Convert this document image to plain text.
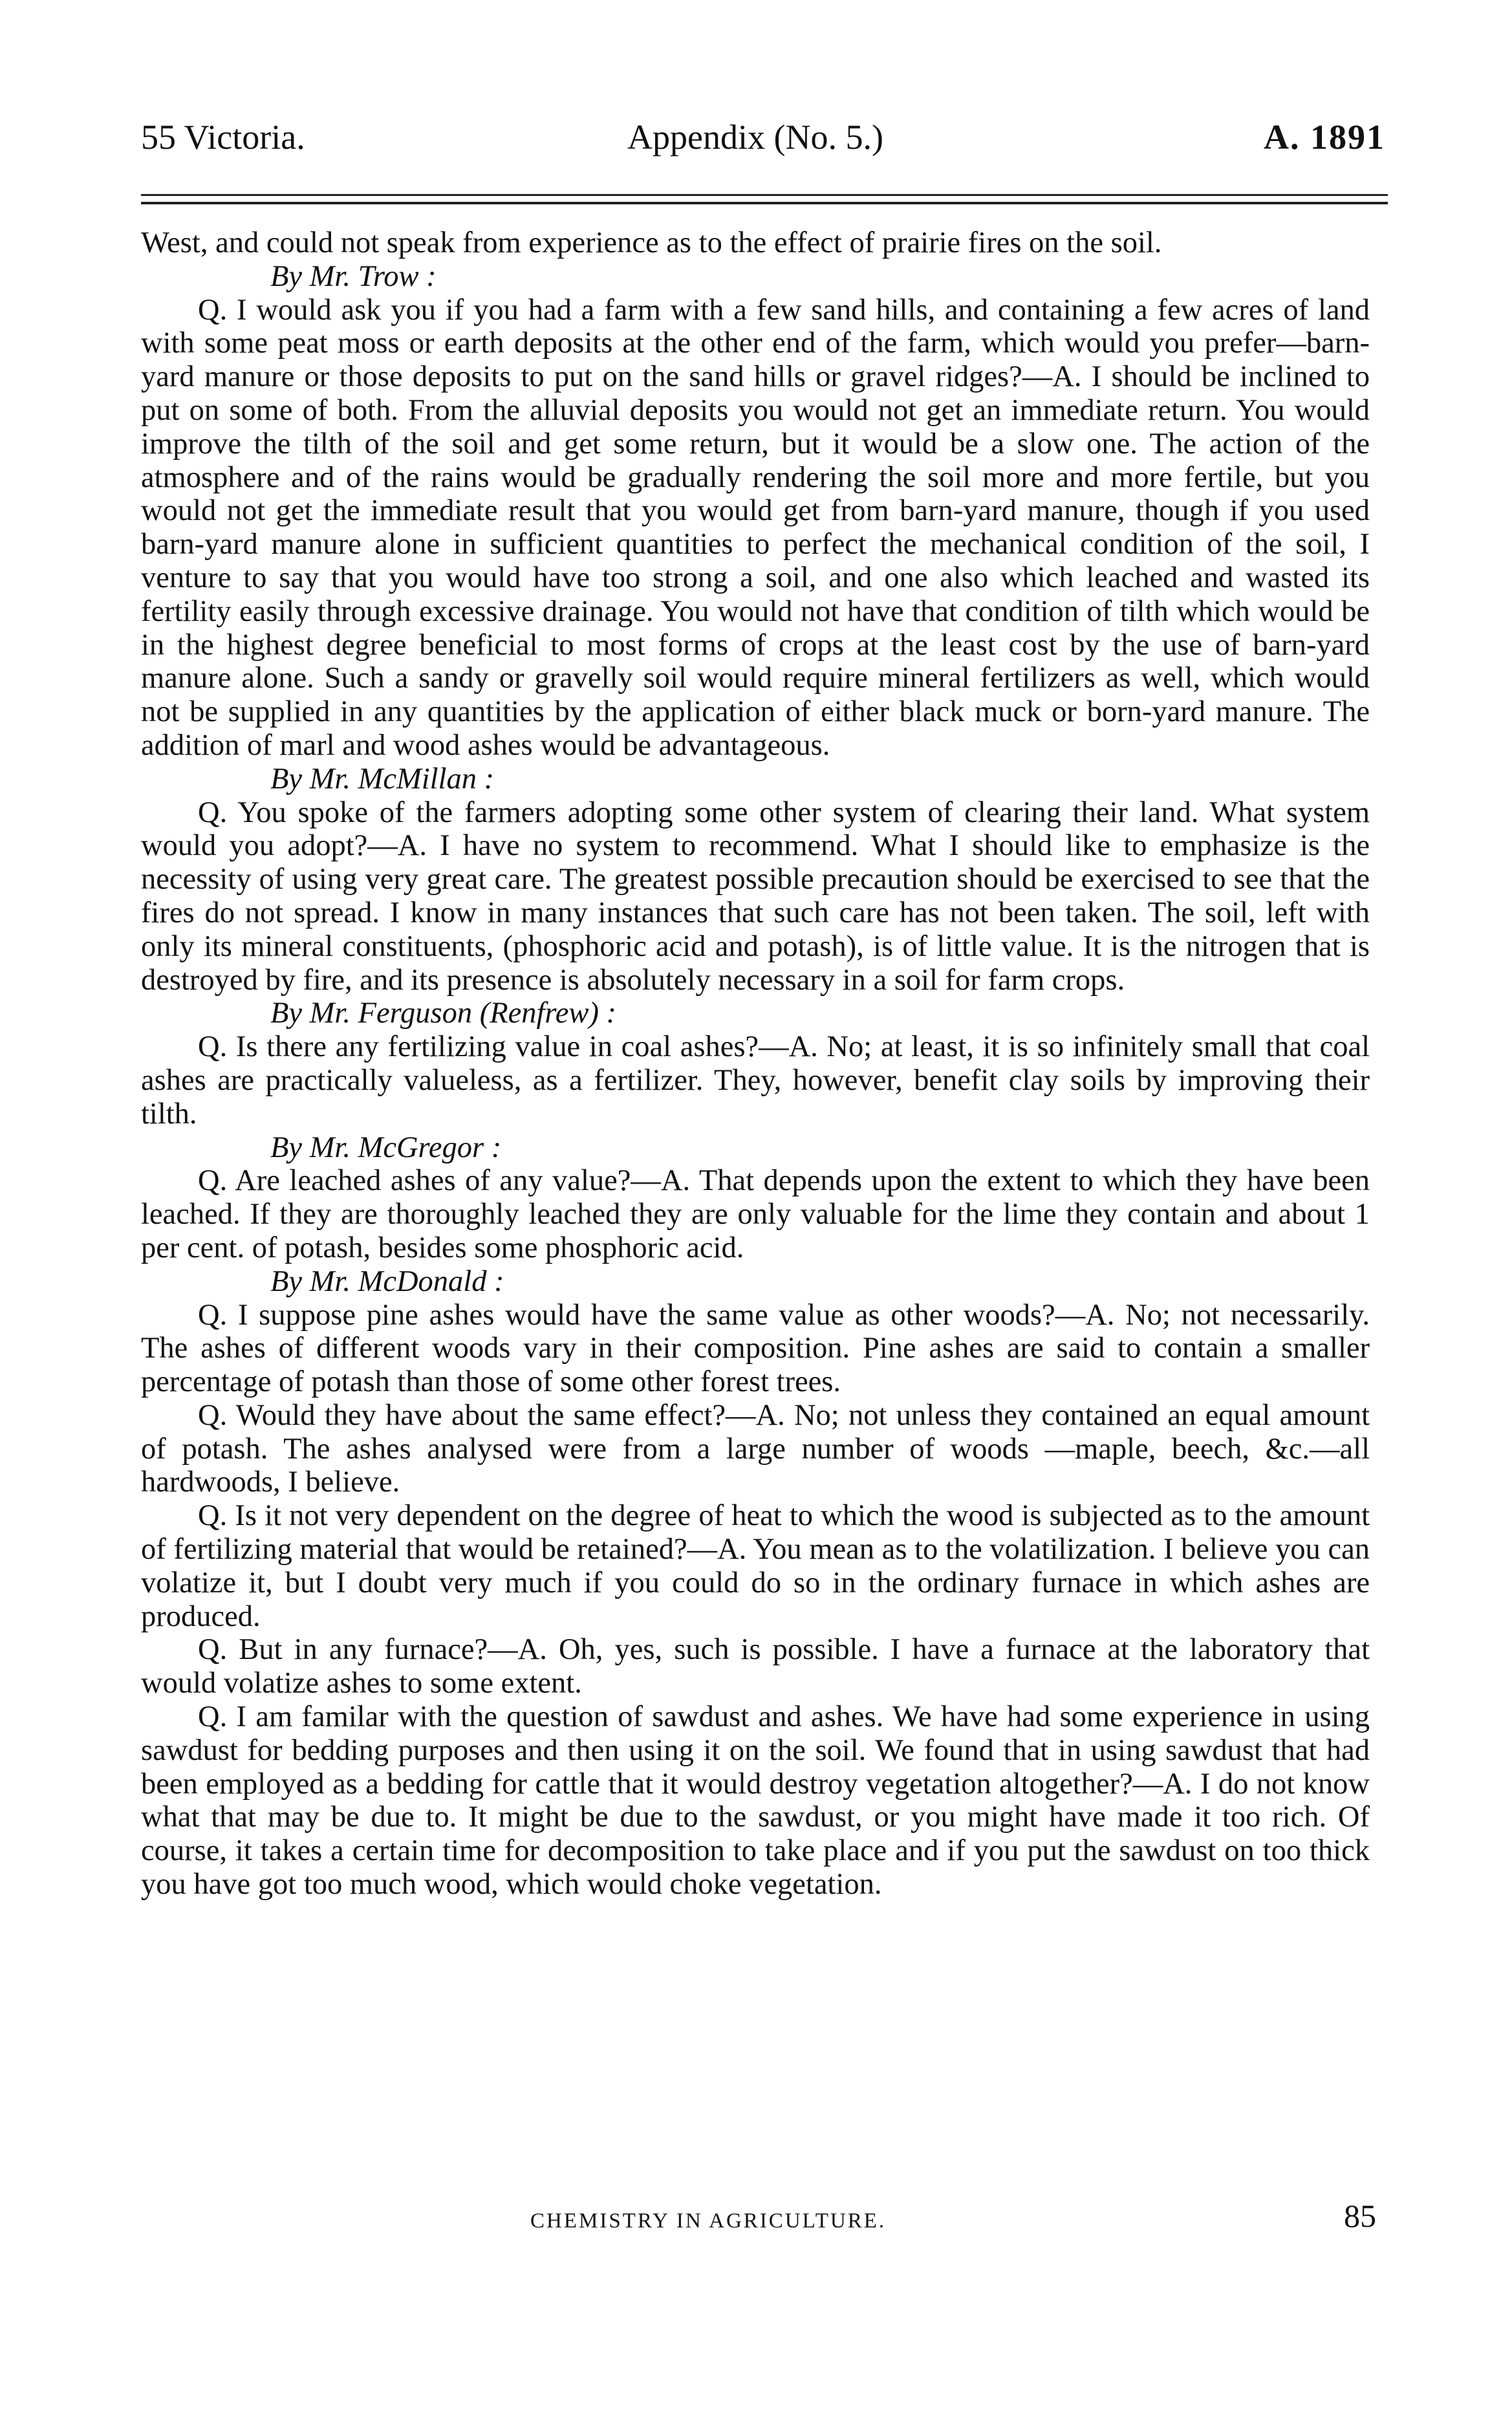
55 Victoria.	Appendix (No. 5.)	A. 1891

West, and could not speak from experience as to the effect of prairie fires on the soil.

By Mr. Trow :

Q. I would ask you if you had a farm with a few sand hills, and containing a few acres of land with some peat moss or earth deposits at the other end of the farm, which would you prefer—barn-yard manure or those deposits to put on the sand hills or gravel ridges?—A. I should be inclined to put on some of both. From the alluvial deposits you would not get an immediate return. You would improve the tilth of the soil and get some return, but it would be a slow one. The action of the atmosphere and of the rains would be gradually rendering the soil more and more fertile, but you would not get the immediate result that you would get from barn-yard manure, though if you used barn-yard manure alone in sufficient quantities to perfect the mechanical condition of the soil, I venture to say that you would have too strong a soil, and one also which leached and wasted its fertility easily through excessive drainage. You would not have that condition of tilth which would be in the highest degree beneficial to most forms of crops at the least cost by the use of barn-yard manure alone. Such a sandy or gravelly soil would require mineral fertilizers as well, which would not be supplied in any quantities by the application of either black muck or born-yard manure. The addition of marl and wood ashes would be advantageous.

By Mr. McMillan :

Q. You spoke of the farmers adopting some other system of clearing their land. What system would you adopt?—A. I have no system to recommend. What I should like to emphasize is the necessity of using very great care. The greatest possible precaution should be exercised to see that the fires do not spread. I know in many instances that such care has not been taken. The soil, left with only its mineral constituents, (phosphoric acid and potash), is of little value. It is the nitrogen that is destroyed by fire, and its presence is absolutely necessary in a soil for farm crops.

By Mr. Ferguson (Renfrew) :

Q. Is there any fertilizing value in coal ashes?—A. No; at least, it is so infinitely small that coal ashes are practically valueless, as a fertilizer. They, however, benefit clay soils by improving their tilth.

By Mr. McGregor :

Q. Are leached ashes of any value?—A. That depends upon the extent to which they have been leached. If they are thoroughly leached they are only valuable for the lime they contain and about 1 per cent. of potash, besides some phosphoric acid.

By Mr. McDonald :

Q. I suppose pine ashes would have the same value as other woods?—A. No; not necessarily. The ashes of different woods vary in their composition. Pine ashes are said to contain a smaller percentage of potash than those of some other forest trees.

Q. Would they have about the same effect?—A. No; not unless they contained an equal amount of potash. The ashes analysed were from a large number of woods —maple, beech, &c.—all hardwoods, I believe.

Q. Is it not very dependent on the degree of heat to which the wood is subjected as to the amount of fertilizing material that would be retained?—A. You mean as to the volatilization. I believe you can volatize it, but I doubt very much if you could do so in the ordinary furnace in which ashes are produced.

Q. But in any furnace?—A. Oh, yes, such is possible. I have a furnace at the laboratory that would volatize ashes to some extent.

Q. I am familar with the question of sawdust and ashes. We have had some experience in using sawdust for bedding purposes and then using it on the soil. We found that in using sawdust that had been employed as a bedding for cattle that it would destroy vegetation altogether?—A. I do not know what that may be due to. It might be due to the sawdust, or you might have made it too rich. Of course, it takes a certain time for decomposition to take place and if you put the sawdust on too thick you have got too much wood, which would choke vegetation.

CHEMISTRY IN AGRICULTURE.	85
